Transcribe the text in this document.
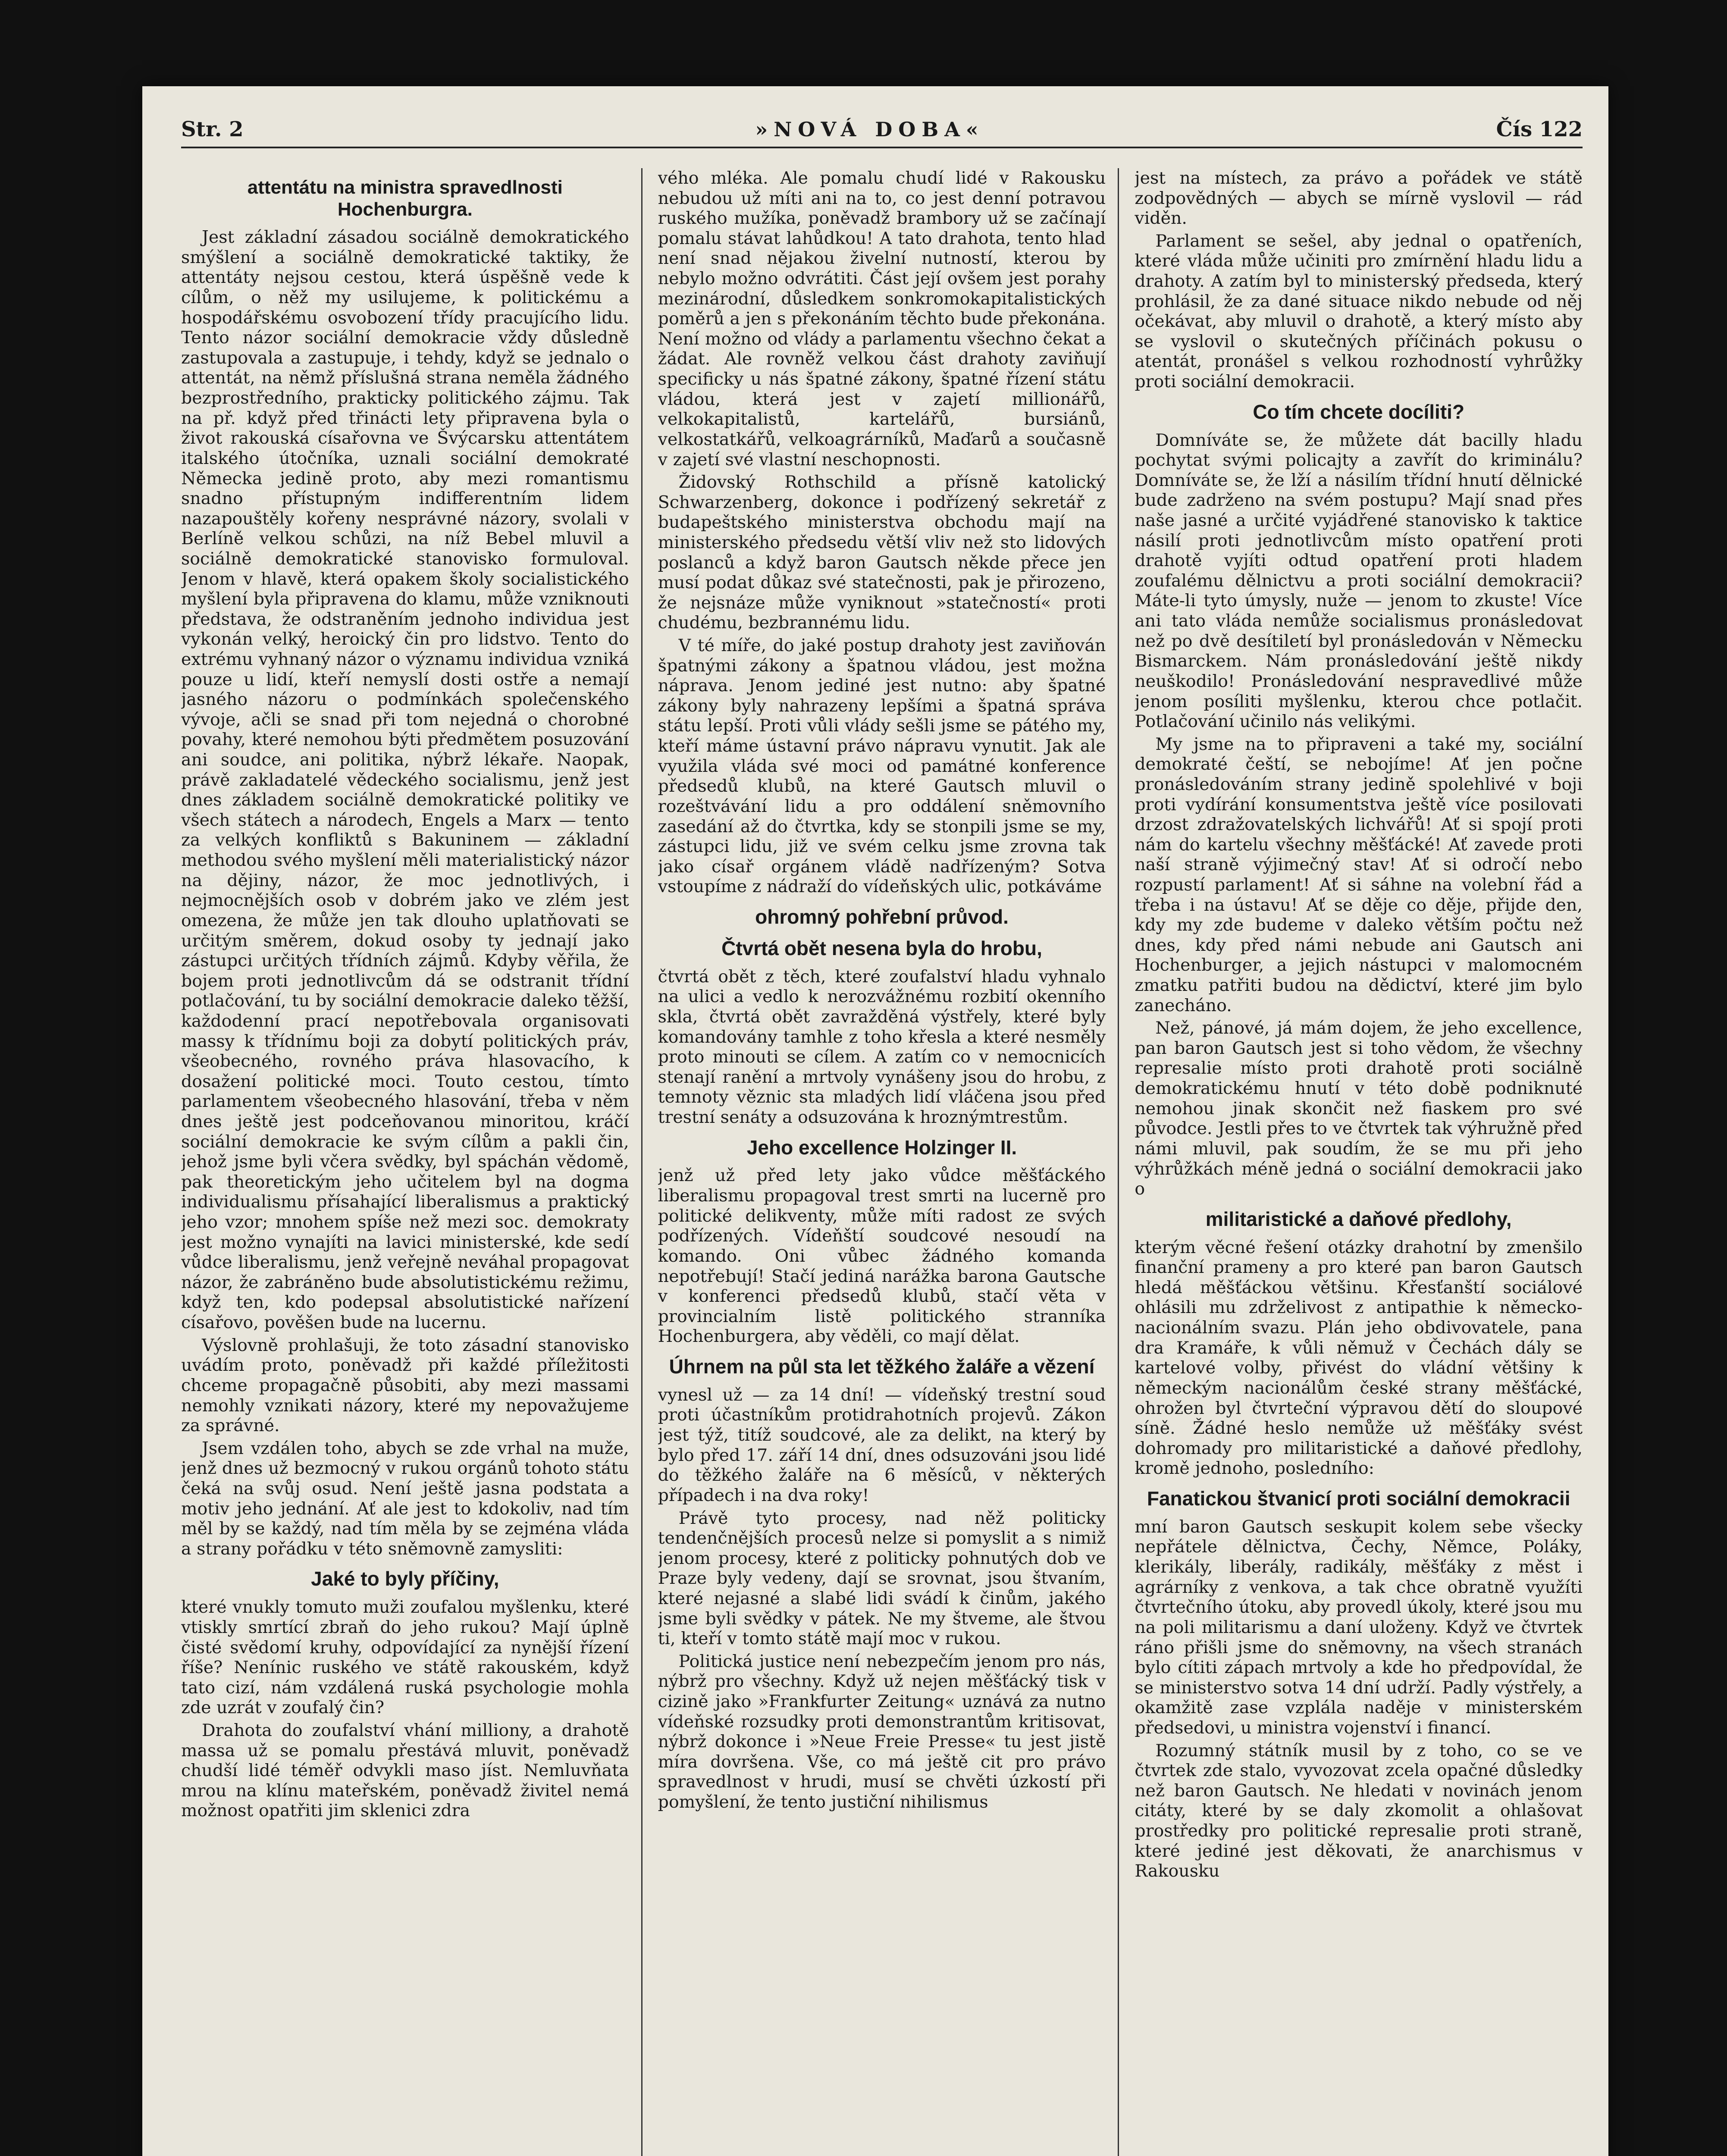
Str. 2	»NOVÁ DOBA«	Čís 122
attentátu na ministra spravedlnosti Hochenburgra.

Jest základní zásadou sociálně demokratického smýšlení a sociálně demokratické taktiky, že attentáty nejsou cestou, která úspěšně vede k cílům, o něž my usilujeme, k politickému a hospodářskému osvobození třídy pracujícího lidu. Tento názor sociální demokracie vždy důsledně zastupovala a zastupuje, i tehdy, když se jednalo o attentát, na němž příslušná strana neměla žádného bezprostředního, prakticky politického zájmu. Tak na př. když před třinácti lety připravena byla o život rakouská císařovna ve Švýcarsku attentátem italského útočníka, uznali sociální demokraté Německa jedině proto, aby mezi romantismu snadno přístupným indifferentním lidem nazapouštěly kořeny nesprávné názory, svolali v Berlíně velkou schůzi, na níž Bebel mluvil a sociálně demokratické stanovisko formuloval. Jenom v hlavě, která opakem školy socialistického myšlení byla připravena do klamu, může vzniknouti představa, že odstraněním jednoho individua jest vykonán velký, heroický čin pro lidstvo. Tento do extrému vyhnaný názor o významu individua vzniká pouze u lidí, kteří nemyslí dosti ostře a nemají jasného názoru o podmínkách společenského vývoje, ačli se snad při tom nejedná o chorobné povahy, které nemohou býti předmětem posuzování ani soudce, ani politika, nýbrž lékaře. Naopak, právě zakladatelé vědeckého socialismu, jenž jest dnes základem sociálně demokratické politiky ve všech státech a národech, Engels a Marx — tento za velkých konfliktů s Bakuninem — základní methodou svého myšlení měli materialistický názor na dějiny, názor, že moc jednotlivých, i nejmocnějších osob v dobrém jako ve zlém jest omezena, že může jen tak dlouho uplatňovati se určitým směrem, dokud osoby ty jednají jako zástupci určitých třídních zájmů. Kdyby věřila, že bojem proti jednotlivcům dá se odstranit třídní potlačování, tu by sociální demokracie daleko těžší, každodenní prací nepotřebovala organisovati massy k třídnímu boji za dobytí politických práv, všeobecného, rovného práva hlasovacího, k dosažení politické moci. Touto cestou, tímto parlamentem všeobecného hlasování, třeba v něm dnes ještě jest podceňovanou minoritou, kráčí sociální demokracie ke svým cílům a pakli čin, jehož jsme byli včera svědky, byl spáchán vědomě, pak theoretickým jeho učitelem byl na dogma individualismu přísahající liberalismus a praktický jeho vzor; mnohem spíše než mezi soc. demokraty jest možno vynajíti na lavici ministerské, kde sedí vůdce liberalismu, jenž veřejně neváhal propagovat názor, že zabráněno bude absolutistickému režimu, když ten, kdo podepsal absolutistické nařízení císařovo, pověšen bude na lucernu.

Výslovně prohlašuji, že toto zásadní stanovisko uvádím proto, poněvadž při každé příležitosti chceme propagačně působiti, aby mezi massami nemohly vznikati názory, které my nepovažujeme za správné.

Jsem vzdálen toho, abych se zde vrhal na muže, jenž dnes už bezmocný v rukou orgánů tohoto státu čeká na svůj osud. Není ještě jasna podstata a motiv jeho jednání. Ať ale jest to kdokoliv, nad tím měl by se každý, nad tím měla by se zejména vláda a strany pořádku v této sněmovně zamysliti:

Jaké to byly příčiny,

které vnukly tomuto muži zoufalou myšlenku, které vtiskly smrtící zbraň do jeho rukou? Mají úplně čisté svědomí kruhy, odpovídající za nynější řízení říše? Nenínic ruského ve státě rakouském, když tato cizí, nám vzdálená ruská psychologie mohla zde uzrát v zoufalý čin?

Drahota do zoufalství vhání milliony, a drahotě massa už se pomalu přestává mluvit, poněvadž chudší lidé téměř odvykli maso jíst. Nemluvňata mrou na klínu mateřském, poněvadž živitel nemá možnost opatřiti jim sklenici zdra

vého mléka. Ale pomalu chudí lidé v Rakousku nebudou už míti ani na to, co jest denní potravou ruského mužíka, poněvadž brambory už se začínají pomalu stávat lahůdkou! A tato drahota, tento hlad není snad nějakou živelní nutností, kterou by nebylo možno odvrátiti. Část její ovšem jest porahy mezinárodní, důsledkem sonkromokapitalistických poměrů a jen s překonáním těchto bude překonána. Není možno od vlády a parlamentu všechno čekat a žádat. Ale rovněž velkou část drahoty zaviňují specificky u nás špatné zákony, špatné řízení státu vládou, která jest v zajetí millionářů, velkokapitalistů, kartelářů, bursiánů, velkostatkářů, velkoagrárníků, Maďarů a současně v zajetí své vlastní neschopnosti.

Židovský Rothschild a přísně katolický Schwarzenberg, dokonce i podřízený sekretář z budapeštského ministerstva obchodu mají na ministerského předsedu větší vliv než sto lidových poslanců a když baron Gautsch někde přece jen musí podat důkaz své statečnosti, pak je přirozeno, že nejsnáze může vyniknout »statečností« proti chudému, bezbrannému lidu.

V té míře, do jaké postup drahoty jest zaviňován špatnými zákony a špatnou vládou, jest možna náprava. Jenom jediné jest nutno: aby špatné zákony byly nahrazeny lepšími a špatná správa státu lepší. Proti vůli vlády sešli jsme se pátého my, kteří máme ústavní právo nápravu vynutit. Jak ale využila vláda své moci od památné konference předsedů klubů, na které Gautsch mluvil o rozeštvávání lidu a pro oddálení sněmovního zasedání až do čtvrtka, kdy se stonpili jsme se my, zástupci lidu, již ve svém celku jsme zrovna tak jako císař orgánem vládě nadřízeným? Sotva vstoupíme z nádraží do vídeňských ulic, potkáváme

ohromný pohřební průvod.
Čtvrtá obět nesena byla do hrobu,

čtvrtá obět z těch, které zoufalství hladu vyhnalo na ulici a vedlo k nerozvážnému rozbití okenního skla, čtvrtá obět zavražděná výstřely, které byly komandovány tamhle z toho křesla a které nesměly proto minouti se cílem. A zatím co v nemocnicích stenají ranění a mrtvoly vynášeny jsou do hrobu, z temnoty věznic sta mladých lidí vláčena jsou před trestní senáty a odsuzována k hroznýmtrestům.

Jeho excellence Holzinger II.

jenž už před lety jako vůdce měšťáckého liberalismu propagoval trest smrti na lucerně pro politické delikventy, může míti radost ze svých podřízených. Vídeňští soudcové nesoudí na komando. Oni vůbec žádného komanda nepotřebují! Stačí jediná narážka barona Gautsche v konferenci předsedů klubů, stačí věta v provincialním listě politického stranníka Hochenburgera, aby věděli, co mají dělat.

Úhrnem na půl sta let těžkého žaláře a vězení

vynesl už — za 14 dní! — vídeňský trestní soud proti účastníkům protidrahotních projevů. Zákon jest týž, titíž soudcové, ale za delikt, na který by bylo před 17. září 14 dní, dnes odsuzováni jsou lidé do těžkého žaláře na 6 měsíců, v některých případech i na dva roky!

Právě tyto procesy, nad něž politicky tendenčnějších procesů nelze si pomyslit a s nimiž jenom procesy, které z politicky pohnutých dob ve Praze byly vedeny, dají se srovnat, jsou štvaním, které nejasné a slabé lidi svádí k činům, jakého jsme byli svědky v pátek. Ne my štveme, ale štvou ti, kteří v tomto státě mají moc v rukou.

Politická justice není nebezpečím jenom pro nás, nýbrž pro všechny. Když už nejen měšťácký tisk v cizině jako »Frankfurter Zeitung« uznává za nutno vídeňské rozsudky proti demonstrantům kritisovat, nýbrž dokonce i »Neue Freie Presse« tu jest jistě míra dovršena. Vše, co má ještě cit pro právo spravedlnost v hrudi, musí se chvěti úzkostí při pomyšlení, že tento justiční nihilismus

jest na místech, za právo a pořádek ve státě zodpovědných — abych se mírně vyslovil — rád viděn.

Parlament se sešel, aby jednal o opatřeních, které vláda může učiniti pro zmírnění hladu lidu a drahoty. A zatím byl to ministerský předseda, který prohlásil, že za dané situace nikdo nebude od něj očekávat, aby mluvil o drahotě, a který místo aby se vyslovil o skutečných příčinách pokusu o atentát, pronášel s velkou rozhodností vyhrůžky proti sociální demokracii.

Co tím chcete docíliti?

Domníváte se, že můžete dát bacilly hladu pochytat svými policajty a zavřít do kriminálu? Domníváte se, že lží a násilím třídní hnutí dělnické bude zadrženo na svém postupu? Mají snad přes naše jasné a určité vyjádřené stanovisko k taktice násilí proti jednotlivcům místo opatření proti drahotě vyjíti odtud opatření proti hladem zoufalému dělnictvu a proti sociální demokracii? Máte-li tyto úmysly, nuže — jenom to zkuste! Více ani tato vláda nemůže socialismus pronásledovat než po dvě desítiletí byl pronásledován v Německu Bismarckem. Nám pronásledování ještě nikdy neuškodilo! Pronásledování nespravedlivé může jenom posíliti myšlenku, kterou chce potlačit. Potlačování učinilo nás velikými.

My jsme na to připraveni a také my, sociální demokraté čeští, se nebojíme! Ať jen počne pronásledováním strany jedině spolehlivé v boji proti vydírání konsumentstva ještě více posilovati drzost zdražovatelských lichvářů! Ať si spojí proti nám do kartelu všechny měšťácké! Ať zavede proti naší straně výjimečný stav! Ať si odročí nebo rozpustí parlament! Ať si sáhne na volební řád a třeba i na ústavu! Ať se děje co děje, přijde den, kdy my zde budeme v daleko větším počtu než dnes, kdy před námi nebude ani Gautsch ani Hochenburger, a jejich nástupci v malomocném zmatku patřiti budou na dědictví, které jim bylo zanecháno.

Než, pánové, já mám dojem, že jeho excellence, pan baron Gautsch jest si toho vědom, že všechny represalie místo proti drahotě proti sociálně demokratickému hnutí v této době podniknuté nemohou jinak skončit než fiaskem pro své původce. Jestli přes to ve čtvrtek tak výhružně před námi mluvil, pak soudím, že se mu při jeho výhrůžkách méně jedná o sociální demokracii jako o

militaristické a daňové předlohy,

kterým věcné řešení otázky drahotní by zmenšilo finanční prameny a pro které pan baron Gautsch hledá měšťáckou většinu. Křesťanští sociálové ohlásili mu zdrželivost z antipathie k německo-nacionálním svazu. Plán jeho obdivovatele, pana dra Kramáře, k vůli němuž v Čechách dály se kartelové volby, přivést do vládní většiny k německým nacionálům české strany měšťácké, ohrožen byl čtvrteční výpravou dětí do sloupové síně. Žádné heslo nemůže už měšťáky svést dohromady pro militaristické a daňové předlohy, kromě jednoho, posledního:

Fanatickou štvanicí proti sociální demokracii

mní baron Gautsch seskupit kolem sebe všecky nepřátele dělnictva, Čechy, Němce, Poláky, klerikály, liberály, radikály, měšťáky z měst i agrárníky z venkova, a tak chce obratně využíti čtvrtečního útoku, aby provedl úkoly, které jsou mu na poli militarismu a daní uloženy. Když ve čtvrtek ráno přišli jsme do sněmovny, na všech stranách bylo cítiti zápach mrtvoly a kde ho předpovídal, že se ministerstvo sotva 14 dní udrží. Padly výstřely, a okamžitě zase vzplála naděje v ministerském předsedovi, u ministra vojenství i financí.

Rozumný státník musil by z toho, co se ve čtvrtek zde stalo, vyvozovat zcela opačné důsledky než baron Gautsch. Ne hledati v novinách jenom citáty, které by se daly zkomolit a ohlašovat prostředky pro politické represalie proti straně, které jediné jest děkovati, že anarchismus v Rakousku
